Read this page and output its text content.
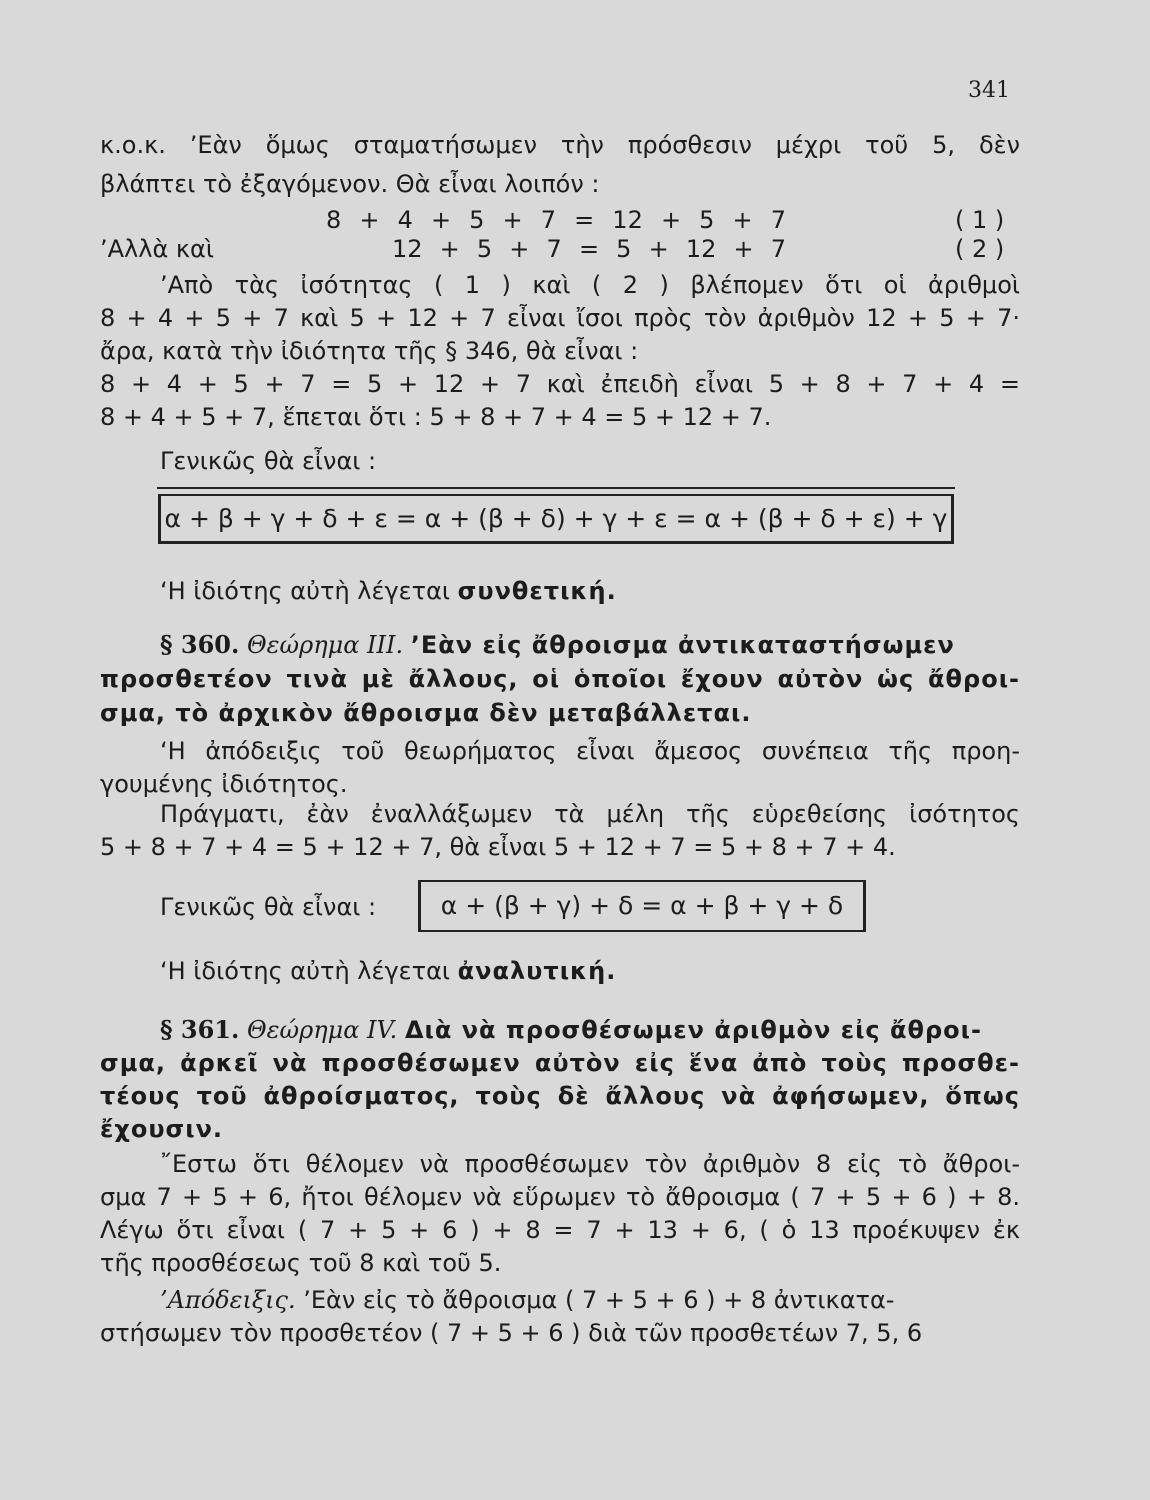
341
κ.ο.κ. ’Εὰν ὅμως σταματήσωμεν τὴν πρόσθεσιν μέχρι τοῦ 5, δὲν
βλάπτει τὸ ἐξαγόμενον. Θὰ εἶναι λοιπόν :
8 + 4 + 5 + 7 = 12 + 5 + 7	( 1 )
’Αλλὰ καὶ	12 + 5 + 7 = 5 + 12 + 7	( 2 )
’Απὸ τὰς ἰσότητας ( 1 ) καὶ ( 2 ) βλέπομεν ὅτι οἱ ἀριθμοὶ
8 + 4 + 5 + 7 καὶ 5 + 12 + 7 εἶναι ἴσοι πρὸς τὸν ἀριθμὸν 12 + 5 + 7·
ἄρα, κατὰ τὴν ἰδιότητα τῆς § 346, θὰ εἶναι :
8 + 4 + 5 + 7 = 5 + 12 + 7 καὶ ἐπειδὴ εἶναι 5 + 8 + 7 + 4 =
8 + 4 + 5 + 7, ἕπεται ὅτι : 5 + 8 + 7 + 4 = 5 + 12 + 7.
Γενικῶς θὰ εἶναι :
α + β + γ + δ + ε = α + (β + δ) + γ + ε = α + (β + δ + ε) + γ
‘Η ἰδιότης αὐτὴ λέγεται συνθετική.
§ 360. Θεώρημα ΙΙΙ. ’Εὰν εἰς ἄθροισμα ἀντικαταστήσωμεν
προσθετέον τινὰ μὲ ἄλλους, οἱ ὁποῖοι ἔχουν αὐτὸν ὡς ἄθροι-
σμα, τὸ ἀρχικὸν ἄθροισμα δὲν μεταβάλλεται.
‘Η ἀπόδειξις τοῦ θεωρήματος εἶναι ἄμεσος συνέπεια τῆς προη-
γουμένης ἰδιότητος.
Πράγματι, ἐὰν ἐναλλάξωμεν τὰ μέλη τῆς εὑρεθείσης ἰσότητος
5 + 8 + 7 + 4 = 5 + 12 + 7, θὰ εἶναι 5 + 12 + 7 = 5 + 8 + 7 + 4.
Γενικῶς θὰ εἶναι :	α + (β + γ) + δ = α + β + γ + δ
‘Η ἰδιότης αὐτὴ λέγεται ἀναλυτική.
§ 361. Θεώρημα IV. Διὰ νὰ προσθέσωμεν ἀριθμὸν εἰς ἄθροι-
σμα, ἀρκεῖ νὰ προσθέσωμεν αὐτὸν εἰς ἕνα ἀπὸ τοὺς προσθε-
τέους τοῦ ἀθροίσματος, τοὺς δὲ ἄλλους νὰ ἀφήσωμεν, ὅπως
ἔχουσιν.
῎Εστω ὅτι θέλομεν νὰ προσθέσωμεν τὸν ἀριθμὸν 8 εἰς τὸ ἄθροι-
σμα 7 + 5 + 6, ἤτοι θέλομεν νὰ εὕρωμεν τὸ ἄθροισμα ( 7 + 5 + 6 ) + 8.
Λέγω ὅτι εἶναι ( 7 + 5 + 6 ) + 8 = 7 + 13 + 6, ( ὁ 13 προέκυψεν ἐκ
τῆς προσθέσεως τοῦ 8 καὶ τοῦ 5.
’Απόδειξις. ’Εὰν εἰς τὸ ἄθροισμα ( 7 + 5 + 6 ) + 8 ἀντικατα-
στήσωμεν τὸν προσθετέον ( 7 + 5 + 6 ) διὰ τῶν προσθετέων 7, 5, 6
